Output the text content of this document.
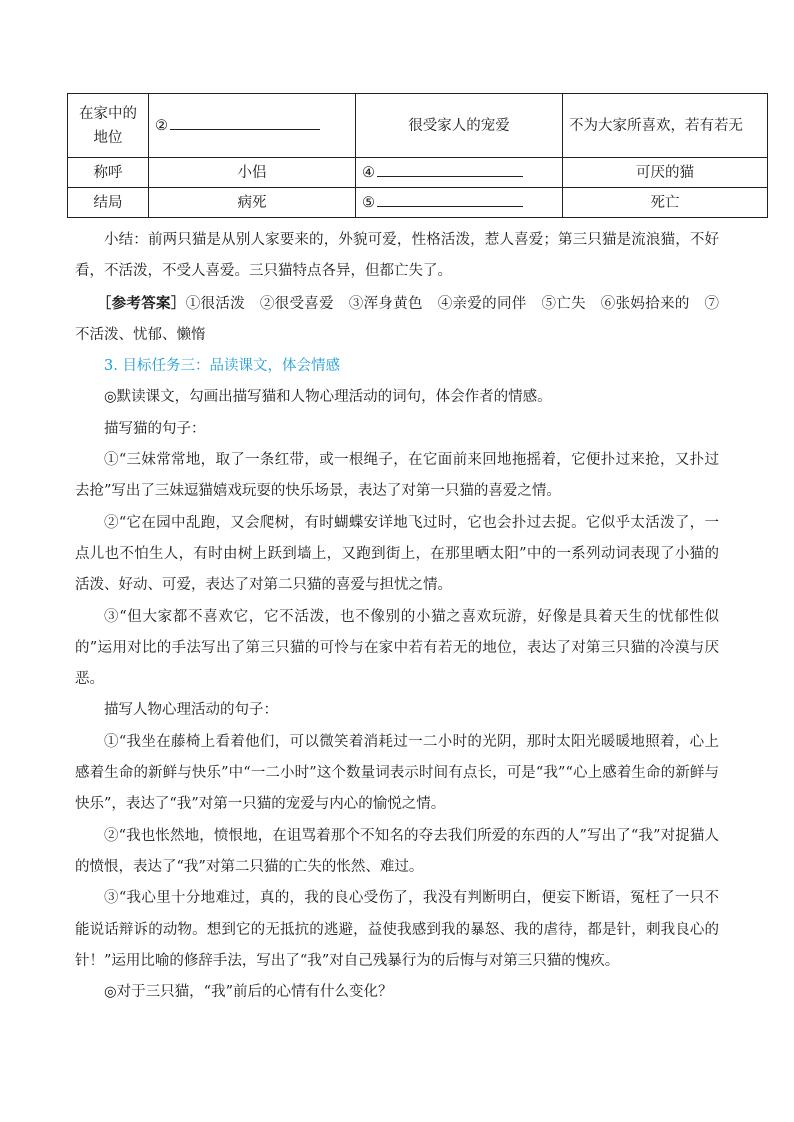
在家中的地位	②	很受家人的宠爱	不为大家所喜欢，若有若无
称呼	小侣	④	可厌的猫
结局	病死	⑤	死亡

小结：前两只猫是从别人家要来的，外貌可爱，性格活泼，惹人喜爱；第三只猫是流浪猫，不好看，不活泼，不受人喜爱。三只猫特点各异，但都亡失了。

［参考答案］①很活泼　②很受喜爱　③浑身黄色　④亲爱的同伴　⑤亡失　⑥张妈拾来的　⑦不活泼、忧郁、懒惰

3. 目标任务三：品读课文，体会情感

◎默读课文，勾画出描写猫和人物心理活动的词句，体会作者的情感。

描写猫的句子：

①“三妹常常地，取了一条红带，或一根绳子，在它面前来回地拖摇着，它便扑过来抢，又扑过去抢”写出了三妹逗猫嬉戏玩耍的快乐场景，表达了对第一只猫的喜爱之情。

②“它在园中乱跑，又会爬树，有时蝴蝶安详地飞过时，它也会扑过去捉。它似乎太活泼了，一点儿也不怕生人，有时由树上跃到墙上，又跑到街上，在那里晒太阳”中的一系列动词表现了小猫的活泼、好动、可爱，表达了对第二只猫的喜爱与担忧之情。

③“但大家都不喜欢它，它不活泼，也不像别的小猫之喜欢玩游，好像是具着天生的忧郁性似的”运用对比的手法写出了第三只猫的可怜与在家中若有若无的地位，表达了对第三只猫的冷漠与厌恶。

描写人物心理活动的句子：

①“我坐在藤椅上看着他们，可以微笑着消耗过一二小时的光阴，那时太阳光暖暖地照着，心上感着生命的新鲜与快乐”中“一二小时”这个数量词表示时间有点长，可是“我”“心上感着生命的新鲜与快乐”，表达了“我”对第一只猫的宠爱与内心的愉悦之情。

②“我也怅然地，愤恨地，在诅骂着那个不知名的夺去我们所爱的东西的人”写出了“我”对捉猫人的愤恨，表达了“我”对第二只猫的亡失的怅然、难过。

③“我心里十分地难过，真的，我的良心受伤了，我没有判断明白，便妄下断语，冤枉了一只不能说话辩诉的动物。想到它的无抵抗的逃避，益使我感到我的暴怒、我的虐待，都是针，刺我良心的针！”运用比喻的修辞手法，写出了“我”对自己残暴行为的后悔与对第三只猫的愧疚。

◎对于三只猫，“我”前后的心情有什么变化？
